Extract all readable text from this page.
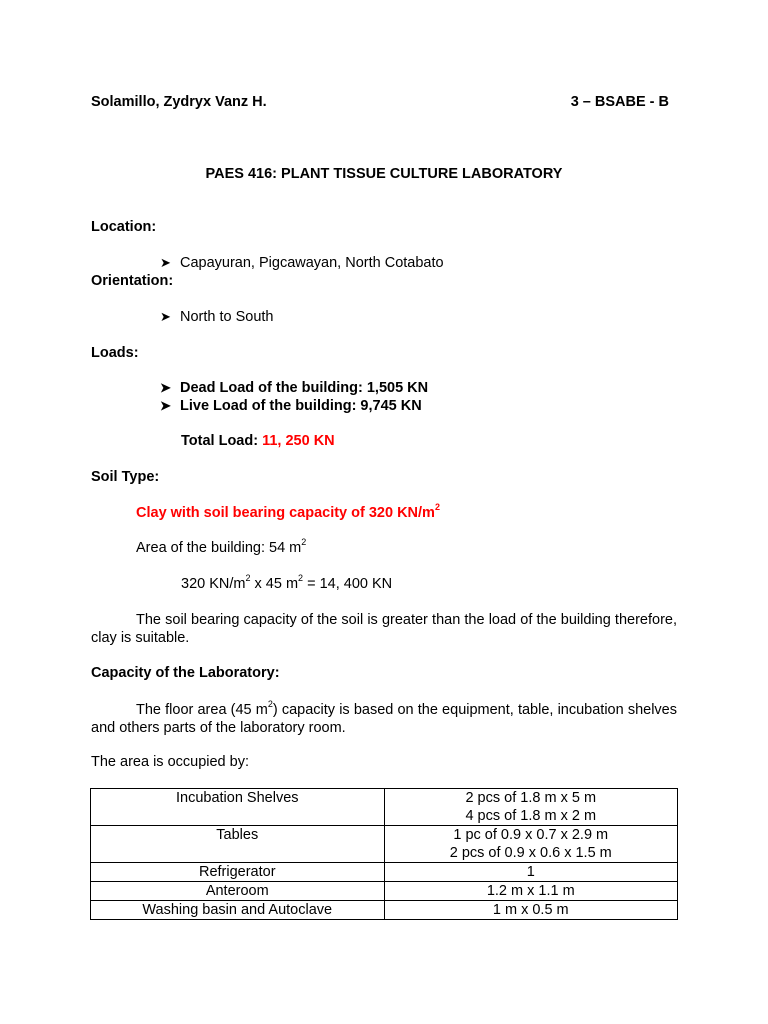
Solamillo, Zydryx Vanz H.	3 – BSABE - B
PAES 416: PLANT TISSUE CULTURE LABORATORY
Location:
➤ Capayuran, Pigcawayan, North Cotabato
Orientation:
➤ North to South
Loads:
➤ Dead Load of the building: 1,505 KN
➤ Live Load of the building: 9,745 KN
Total Load: 11, 250 KN
Soil Type:
Clay with soil bearing capacity of 320 $KN/m^2$
Area of the building: 54 $m^2$
320 $KN/m^2$ x 45 $m^2 = 14$, 400 KN
The soil bearing capacity of the soil is greater than the load of the building therefore, clay is suitable.
Capacity of the Laboratory:
The floor area (45 $m^2$) capacity is based on the equipment, table, incubation shelves and others parts of the laboratory room.
The area is occupied by:
Incubation Shelves	2 pcs of 1.8 m x 5 m
4 pcs of 1.8 m x 2 m

Tables	1 pc of 0.9 x 0.7 x 2.9 m
2 pcs of 0.9 x 0.6 x 1.5 m

Refrigerator	1

Anteroom	1.2 m x 1.1 m

Washing basin and Autoclave	1 m x 0.5 m
